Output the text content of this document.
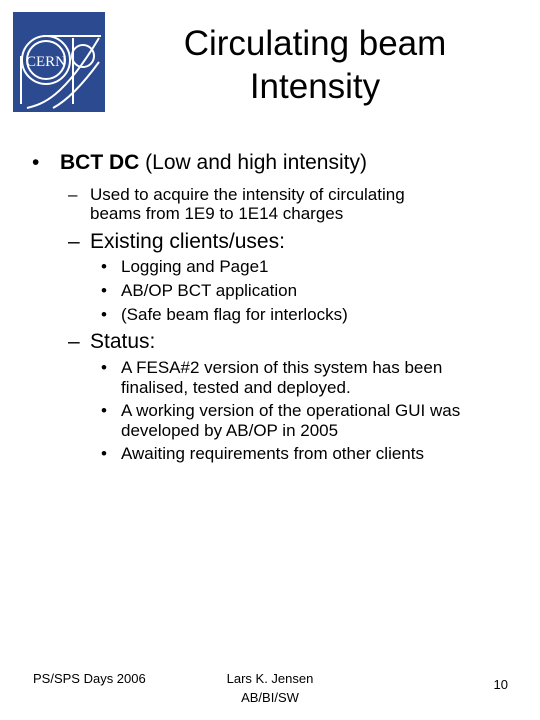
CERN	Circulating beam
Intensity
• BCT DC (Low and high intensity)
– Used to acquire the intensity of circulating
beams from 1E9 to 1E14 charges
– Existing clients/uses:
• Logging and Page1
• AB/OP BCT application
• (Safe beam flag for interlocks)
– Status:
• A FESA#2 version of this system has been
finalised, tested and deployed.
• A working version of the operational GUI was
developed by AB/OP in 2005
• Awaiting requirements from other clients
PS/SPS Days 2006	Lars K. Jensen
AB/BI/SW
10
